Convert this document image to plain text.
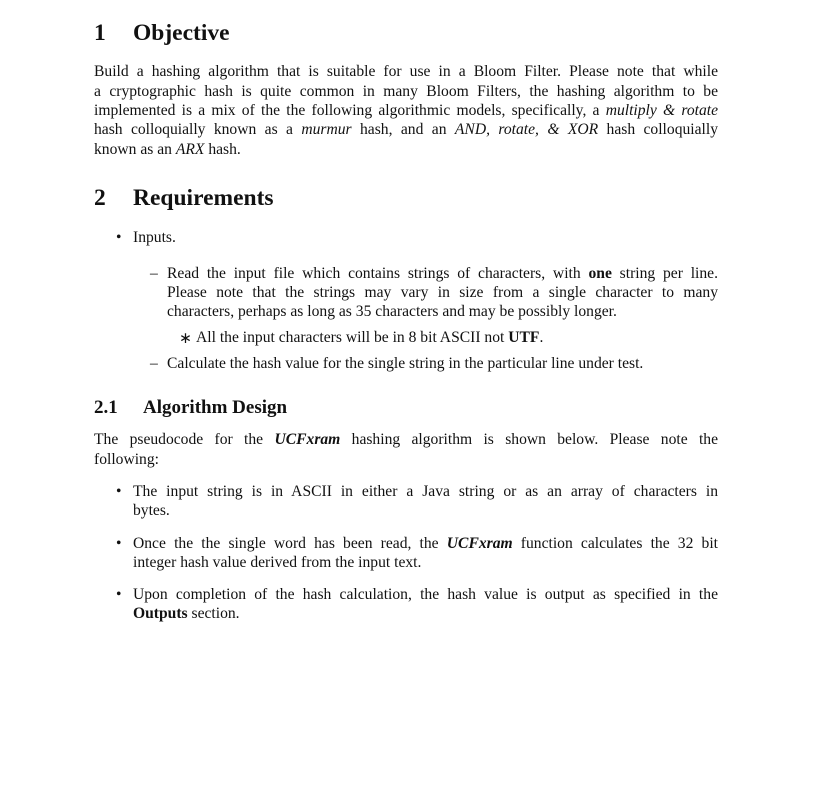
1 Objective

Build a hashing algorithm that is suitable for use in a Bloom Filter. Please note that while

a cryptographic hash is quite common in many Bloom Filters, the hashing algorithm to be

implemented is a mix of the the following algorithmic models, specifically, a multiply & rotate

hash colloquially known as a murmur hash, and an AND, rotate, & XOR hash colloquially

known as an ARX hash.

2 Requirements
• Inputs.

– Read the input file which contains strings of characters, with one string per line.

Please note that the strings may vary in size from a single character to many

characters, perhaps as long as 35 characters and may be possibly longer.

∗ All the input characters will be in 8 bit ASCII not UTF.

– Calculate the hash value for the single string in the particular line under test.

2.1 Algorithm Design

The pseudocode for the UCFxram hashing algorithm is shown below. Please note the

following:

• The input string is in ASCII in either a Java string or as an array of characters in

bytes.

• Once the the single word has been read, the UCFxram function calculates the 32 bit

integer hash value derived from the input text.

• Upon completion of the hash calculation, the hash value is output as specified in the

Outputs section.
